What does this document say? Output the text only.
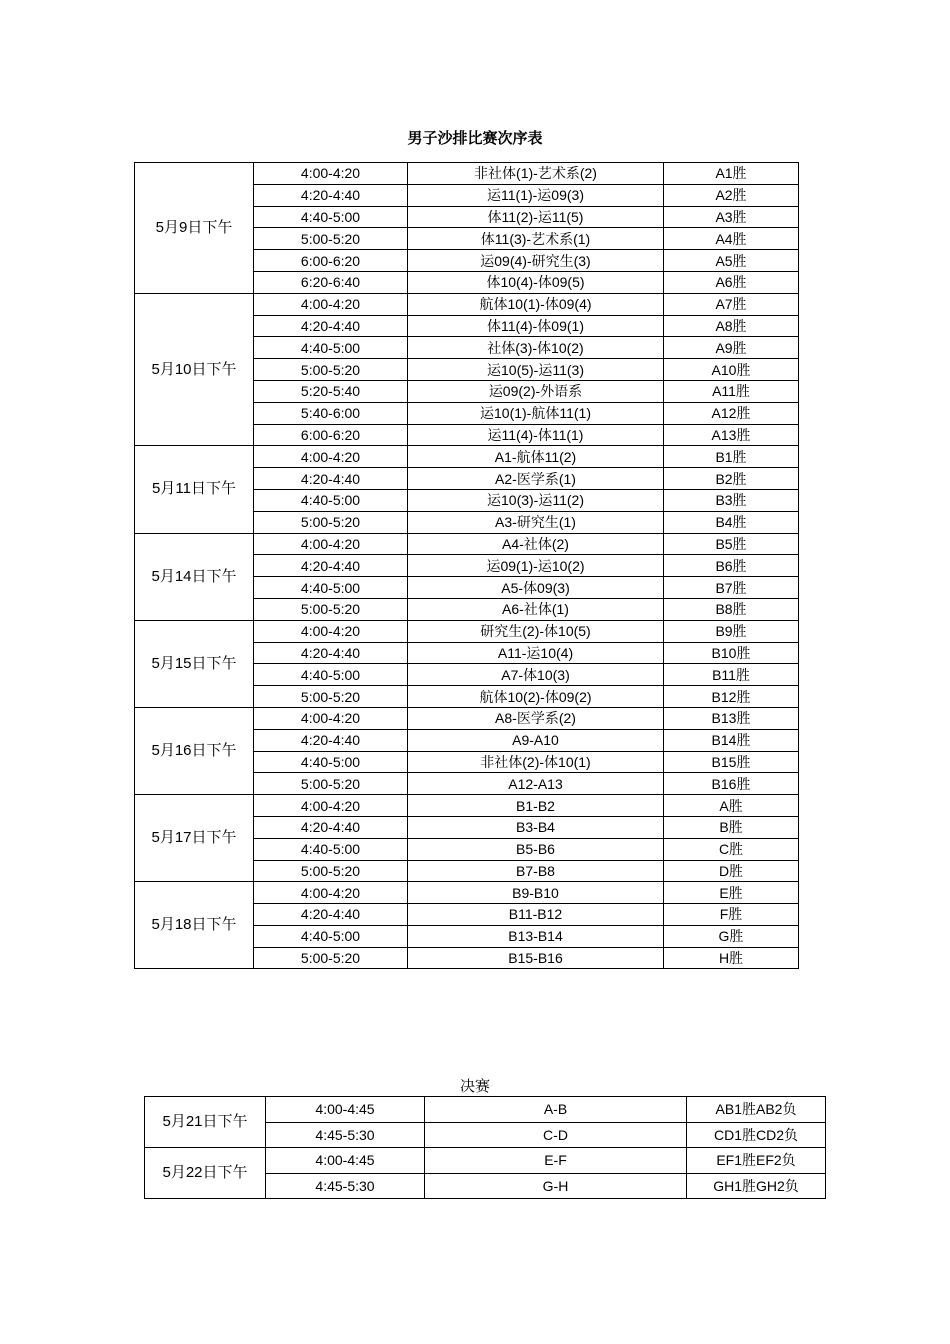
男子沙排比赛次序表
5月9日下午	4:00-4:20	非社体(1)-艺术系(2)	A1胜
	4:20-4:40	运11(1)-运09(3)	A2胜
	4:40-5:00	体11(2)-运11(5)	A3胜
	5:00-5:20	体11(3)-艺术系(1)	A4胜
	6:00-6:20	运09(4)-研究生(3)	A5胜
	6:20-6:40	体10(4)-体09(5)	A6胜
5月10日下午	4:00-4:20	航体10(1)-体09(4)	A7胜
	4:20-4:40	体11(4)-体09(1)	A8胜
	4:40-5:00	社体(3)-体10(2)	A9胜
	5:00-5:20	运10(5)-运11(3)	A10胜
	5:20-5:40	运09(2)-外语系	A11胜
	5:40-6:00	运10(1)-航体11(1)	A12胜
	6:00-6:20	运11(4)-体11(1)	A13胜
5月11日下午	4:00-4:20	A1-航体11(2)	B1胜
	4:20-4:40	A2-医学系(1)	B2胜
	4:40-5:00	运10(3)-运11(2)	B3胜
	5:00-5:20	A3-研究生(1)	B4胜
5月14日下午	4:00-4:20	A4-社体(2)	B5胜
	4:20-4:40	运09(1)-运10(2)	B6胜
	4:40-5:00	A5-体09(3)	B7胜
	5:00-5:20	A6-社体(1)	B8胜
5月15日下午	4:00-4:20	研究生(2)-体10(5)	B9胜
	4:20-4:40	A11-运10(4)	B10胜
	4:40-5:00	A7-体10(3)	B11胜
	5:00-5:20	航体10(2)-体09(2)	B12胜
5月16日下午	4:00-4:20	A8-医学系(2)	B13胜
	4:20-4:40	A9-A10	B14胜
	4:40-5:00	非社体(2)-体10(1)	B15胜
	5:00-5:20	A12-A13	B16胜
5月17日下午	4:00-4:20	B1-B2	A胜
	4:20-4:40	B3-B4	B胜
	4:40-5:00	B5-B6	C胜
	5:00-5:20	B7-B8	D胜
5月18日下午	4:00-4:20	B9-B10	E胜
	4:20-4:40	B11-B12	F胜
	4:40-5:00	B13-B14	G胜
	5:00-5:20	B15-B16	H胜
决赛
5月21日下午	4:00-4:45	A-B	AB1胜AB2负
	4:45-5:30	C-D	CD1胜CD2负
5月22日下午	4:00-4:45	E-F	EF1胜EF2负
	4:45-5:30	G-H	GH1胜GH2负
